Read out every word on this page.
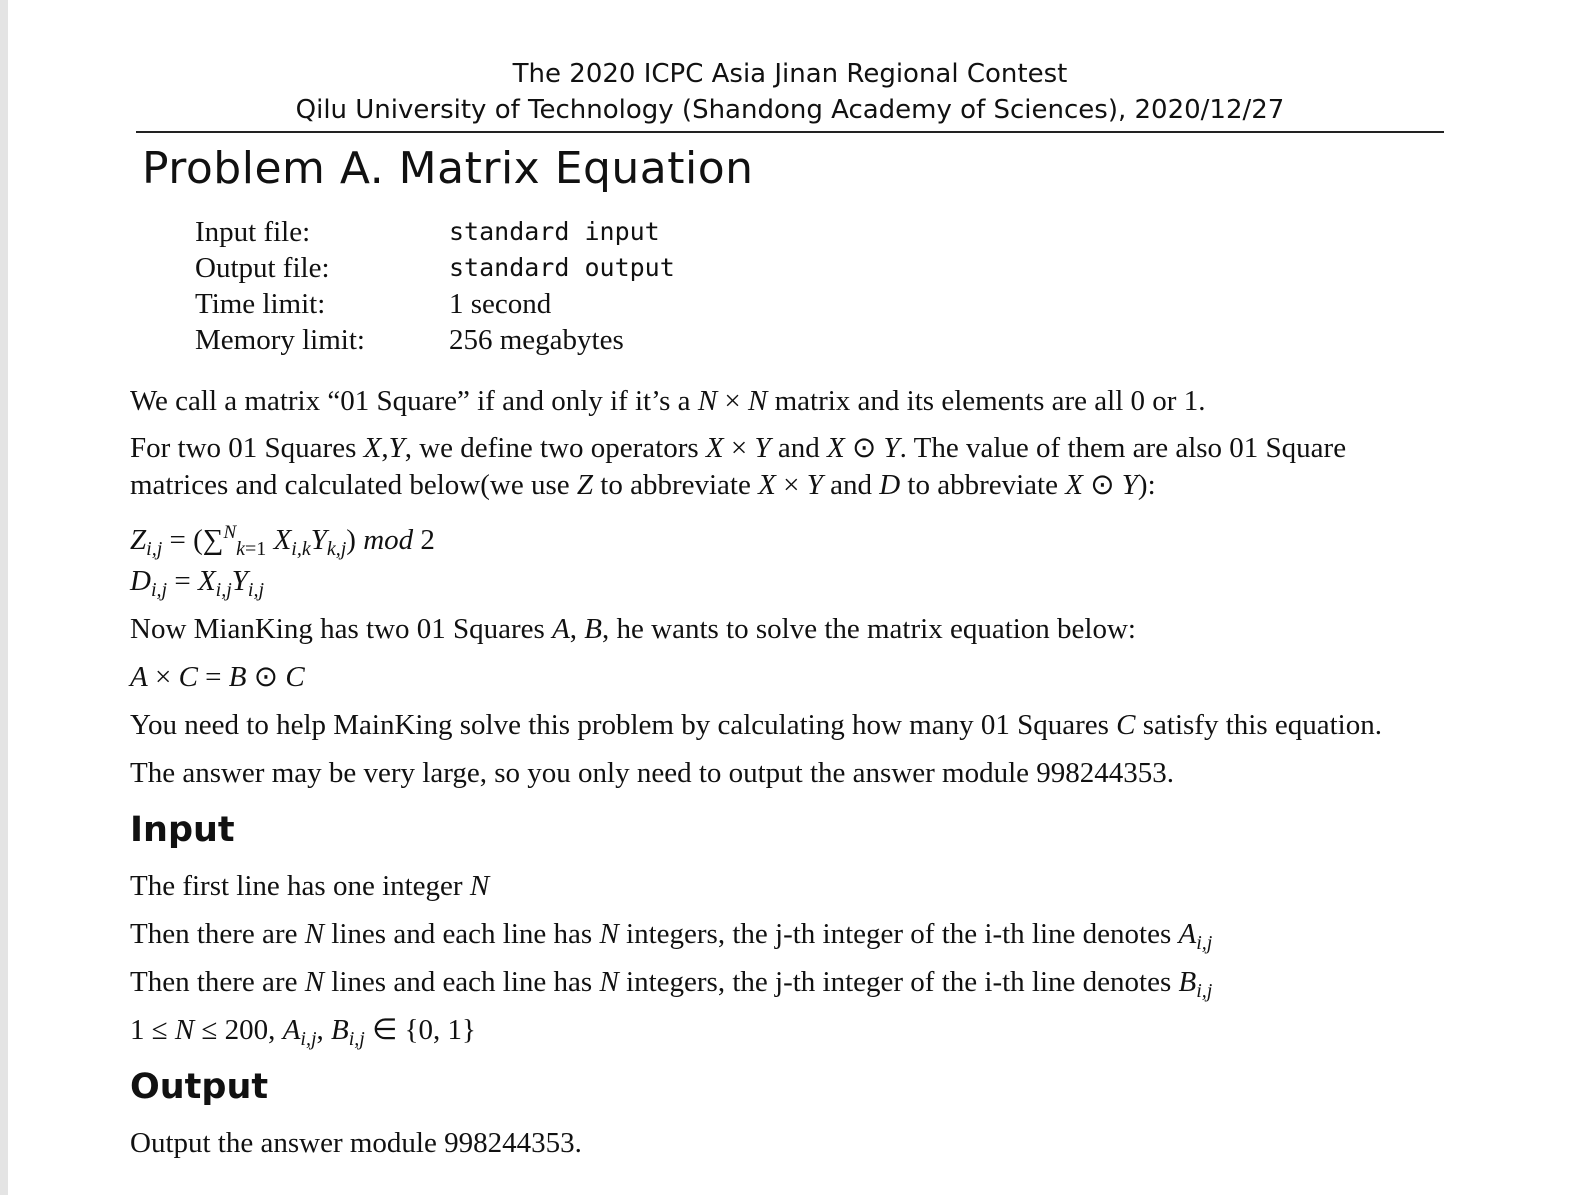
The 2020 ICPC Asia Jinan Regional Contest
Qilu University of Technology (Shandong Academy of Sciences), 2020/12/27
Problem A. Matrix Equation
Input file:	standard input
Output file:	standard output
Time limit:	1 second
Memory limit:	256 megabytes
We call a matrix “01 Square” if and only if it’s a N × N matrix and its elements are all 0 or 1.
For two 01 Squares X,Y, we define two operators X × Y and X ⊙ Y. The value of them are also 01 Square matrices and calculated below(we use Z to abbreviate X × Y and D to abbreviate X ⊙ Y):
$Z_{i,j} = (\sum^N_{k=1}$ $X_{i,k}Y_{k,j}$) mod 2
$D_{i,j} = X_{i,j}Y_{i,j}$
Now MianKing has two 01 Squares A, B, he wants to solve the matrix equation below:
A × C = B ⊙ C
You need to help MainKing solve this problem by calculating how many 01 Squares C satisfy this equation.
The answer may be very large, so you only need to output the answer module 998244353.
Input
The first line has one integer N
Then there are N lines and each line has N integers, the j-th integer of the i-th line denotes $A_{i,j}$
Then there are N lines and each line has N integers, the j-th integer of the i-th line denotes $B_{i,j}$
1 ≤ N ≤ 200, $A_{i,j}$, $B_{i,j}$ ∈ {0, 1}
Output
Output the answer module 998244353.
